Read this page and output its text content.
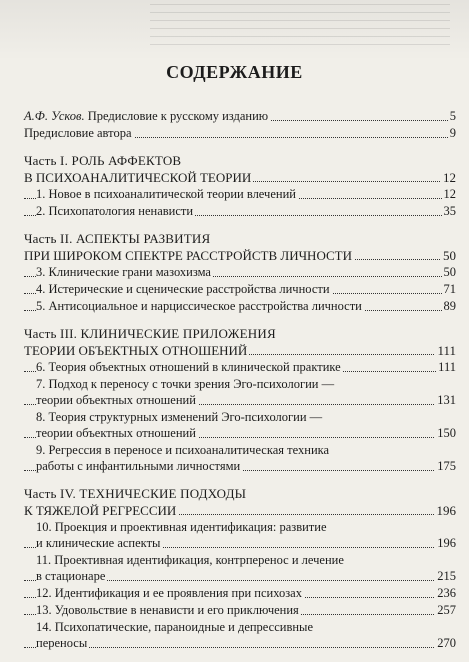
СОДЕРЖАНИЕ
А.Ф. Усков. Предисловие к русскому изданию	5
Предисловие автора	9
Часть I. РОЛЬ АФФЕКТОВ
В ПСИХОАНАЛИТИЧЕСКОЙ ТЕОРИИ	12
1. Новое в психоаналитической теории влечений	12
2. Психопатология ненависти	35
Часть II. АСПЕКТЫ РАЗВИТИЯ
ПРИ ШИРОКОМ СПЕКТРЕ РАССТРОЙСТВ ЛИЧНОСТИ	50
3. Клинические грани мазохизма	50
4. Истерические и сценические расстройства личности	71
5. Антисоциальное и нарциссическое расстройства личности	89
Часть III. КЛИНИЧЕСКИЕ ПРИЛОЖЕНИЯ
ТЕОРИИ ОБЪЕКТНЫХ ОТНОШЕНИЙ	111
6. Теория объектных отношений в клинической практике	111
7. Подход к переносу с точки зрения Эго-психологии —
теории объектных отношений	131
8. Теория структурных изменений Эго-психологии —
теории объектных отношений	150
9. Регрессия в переносе и психоаналитическая техника
работы с инфантильными личностями	175
Часть IV. ТЕХНИЧЕСКИЕ ПОДХОДЫ
К ТЯЖЕЛОЙ РЕГРЕССИИ	196
10. Проекция и проективная идентификация: развитие
и клинические аспекты	196
11. Проективная идентификация, контрперенос и лечение
в стационаре	215
12. Идентификация и ее проявления при психозах	236
13. Удовольствие в ненависти и его приключения	257
14. Психопатические, параноидные и депрессивные
переносы	270
